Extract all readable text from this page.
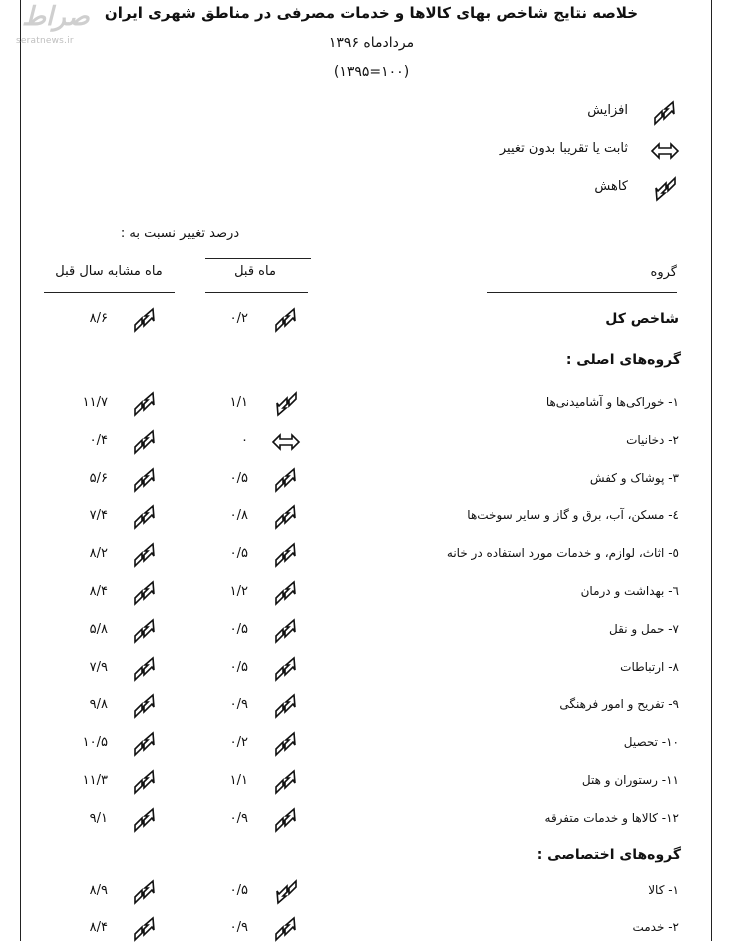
صراط
seratnews.ir
خلاصه نتایج شاخص بهای کالاها و خدمات مصرفی در مناطق شهری ایران
مردادماه ۱۳۹۶
(۱۰۰=۱۳۹۵)
افزایش
ثابت یا تقریبا بدون تغییر
کاهش
درصد تغییر نسبت به :
ماه قبل
ماه مشابه سال قبل	گروه
شاخص کل
۰/۲
۸/۶
گروه‌های اصلی :
۱- خوراکی‌ها و آشامیدنی‌ها
۱/۱
۱۱/۷
۲- دخانیات
۰
۰/۴
۳- پوشاک و کفش
۰/۵
۵/۶
٤- مسکن، آب، برق و گاز و سایر سوخت‌ها
۰/۸
۷/۴
٥- اثاث، لوازم، و خدمات مورد استفاده در خانه
۰/۵
۸/۲
٦- بهداشت و درمان
۱/۲
۸/۴
۷- حمل و نقل
۰/۵
۵/۸
۸- ارتباطات
۰/۵
۷/۹
۹- تفریح و امور فرهنگی
۰/۹
۹/۸
۱۰- تحصیل
۰/۲
۱۰/۵
۱۱- رستوران و هتل
۱/۱
۱۱/۳
۱۲- کالاها و خدمات متفرقه
۰/۹
۹/۱
گروه‌های اختصاصی :
۱- کالا
۰/۵
۸/۹
۲- خدمت
۰/۹
۸/۴
